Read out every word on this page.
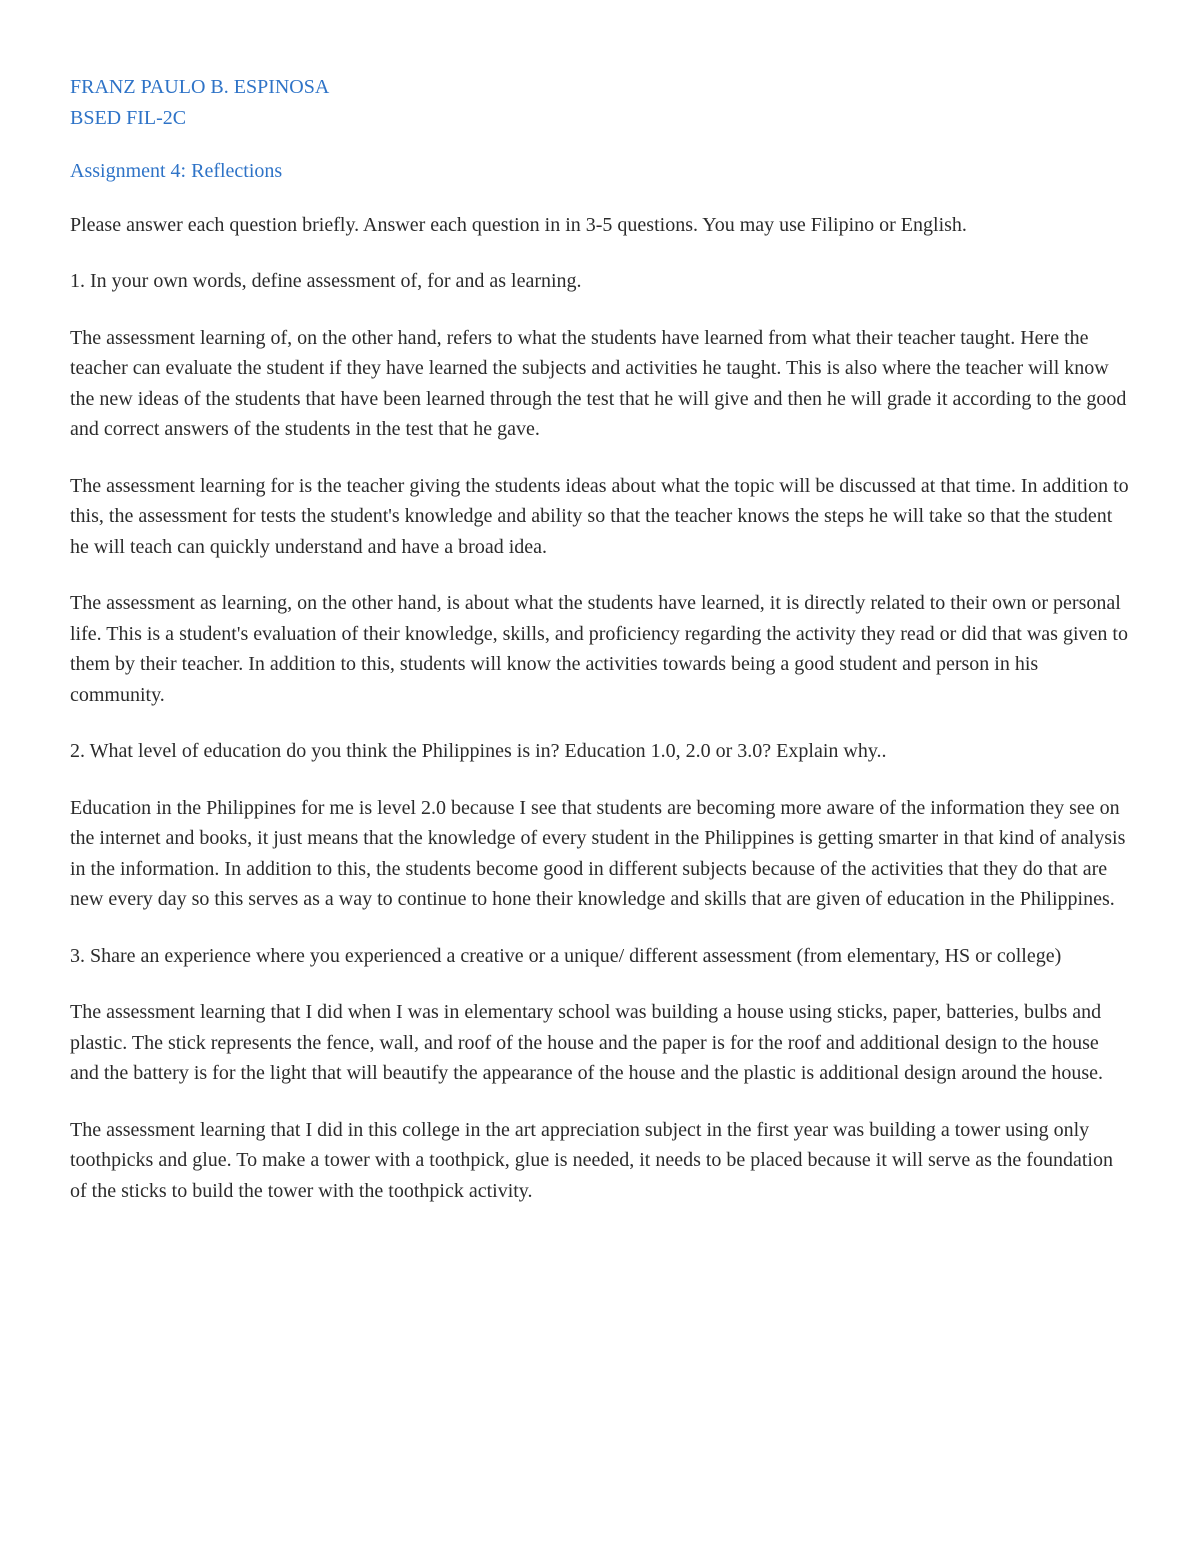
FRANZ PAULO B. ESPINOSA
BSED FIL-2C
Assignment 4: Reflections

Please answer each question briefly. Answer each question in in 3-5 questions. You may use Filipino or English.

1. In your own words, define assessment of, for and as learning.

The assessment learning of, on the other hand, refers to what the students have learned from what their teacher taught. Here the teacher can evaluate the student if they have learned the subjects and activities he taught. This is also where the teacher will know the new ideas of the students that have been learned through the test that he will give and then he will grade it according to the good and correct answers of the students in the test that he gave.

The assessment learning for is the teacher giving the students ideas about what the topic will be discussed at that time. In addition to this, the assessment for tests the student's knowledge and ability so that the teacher knows the steps he will take so that the student he will teach can quickly understand and have a broad idea.

The assessment as learning, on the other hand, is about what the students have learned, it is directly related to their own or personal life. This is a student's evaluation of their knowledge, skills, and proficiency regarding the activity they read or did that was given to them by their teacher. In addition to this, students will know the activities towards being a good student and person in his community.

2. What level of education do you think the Philippines is in? Education 1.0, 2.0 or 3.0? Explain why..

Education in the Philippines for me is level 2.0 because I see that students are becoming more aware of the information they see on the internet and books, it just means that the knowledge of every student in the Philippines is getting smarter in that kind of analysis in the information. In addition to this, the students become good in different subjects because of the activities that they do that are new every day so this serves as a way to continue to hone their knowledge and skills that are given of education in the Philippines.

3. Share an experience where you experienced a creative or a unique/ different assessment (from elementary, HS or college)

The assessment learning that I did when I was in elementary school was building a house using sticks, paper, batteries, bulbs and plastic. The stick represents the fence, wall, and roof of the house and the paper is for the roof and additional design to the house and the battery is for the light that will beautify the appearance of the house and the plastic is additional design around the house.

The assessment learning that I did in this college in the art appreciation subject in the first year was building a tower using only toothpicks and glue. To make a tower with a toothpick, glue is needed, it needs to be placed because it will serve as the foundation of the sticks to build the tower with the toothpick activity.
